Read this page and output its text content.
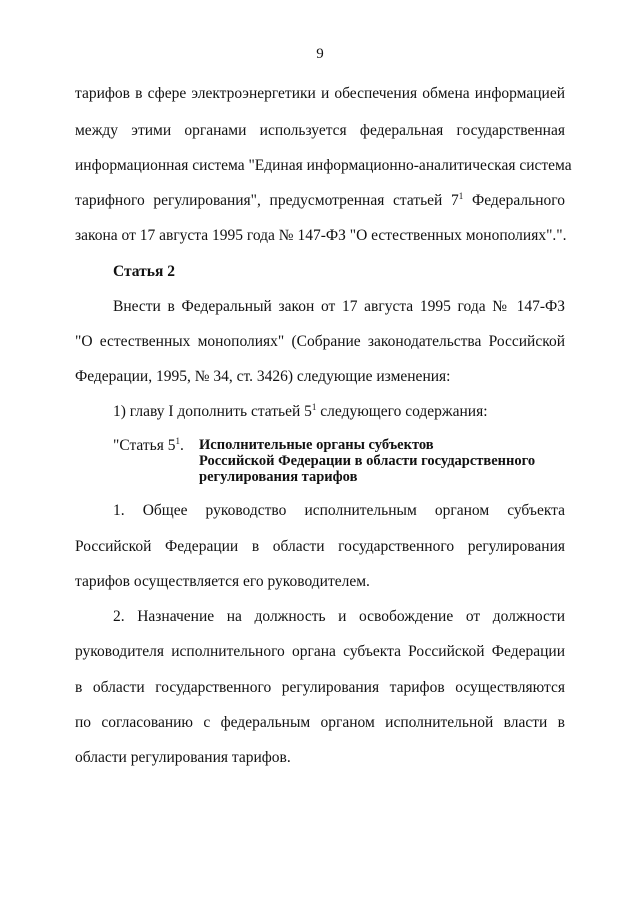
9
тарифов в сфере электроэнергетики и обеспечения обмена информацией
между этими органами используется федеральная государственная
информационная система "Единая информационно-аналитическая система
тарифного регулирования", предусмотренная статьей $7^1$ Федерального
закона от 17 августа 1995 года № 147-ФЗ "О естественных монополиях".".
Статья 2
Внести в Федеральный закон от 17 августа 1995 года № 147-ФЗ
"О естественных монополиях" (Собрание законодательства Российской
Федерации, 1995, № 34, ст. 3426) следующие изменения:
1) главу I дополнить статьей $5^1$ следующего содержания:
"Статья $5^1$. Исполнительные органы субъектов
Российской Федерации в области государственного
регулирования тарифов
1. Общее руководство исполнительным органом субъекта
Российской Федерации в области государственного регулирования
тарифов осуществляется его руководителем.
2. Назначение на должность и освобождение от должности
руководителя исполнительного органа субъекта Российской Федерации
в области государственного регулирования тарифов осуществляются
по согласованию с федеральным органом исполнительной власти в
области регулирования тарифов.
